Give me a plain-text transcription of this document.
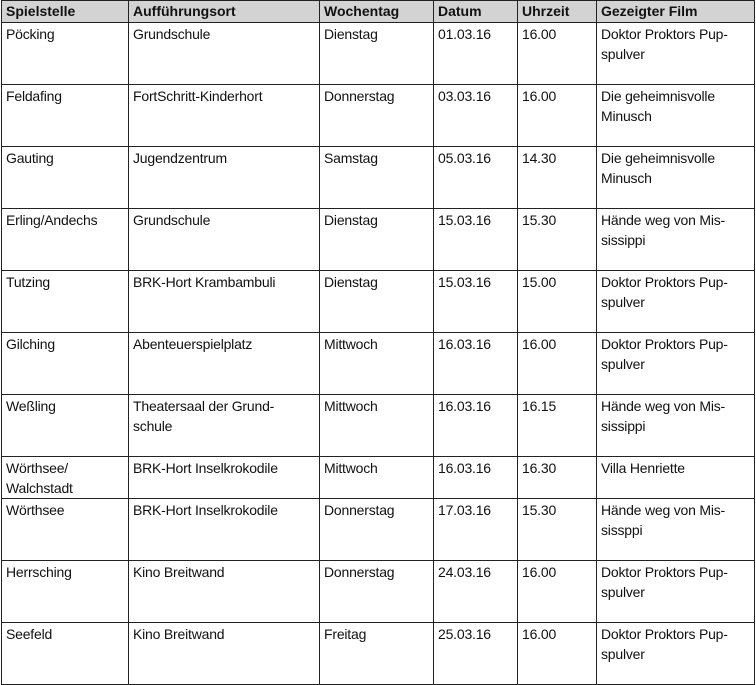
Spielstelle	Aufführungsort	Wochentag	Datum	Uhrzeit	Gezeigter Film

Pöcking	Grundschule	Dienstag	01.03.16	16.00	Doktor Proktors Pup-
spulver

Feldafing	FortSchritt-Kinderhort	Donnerstag	03.03.16	16.00	Die geheimnisvolle
Minusch

Gauting	Jugendzentrum	Samstag	05.03.16	14.30	Die geheimnisvolle
Minusch

Erling/Andechs	Grundschule	Dienstag	15.03.16	15.30	Hände weg von Mis-
sissippi

Tutzing	BRK-Hort Krambambuli	Dienstag	15.03.16	15.00	Doktor Proktors Pup-
spulver

Gilching	Abenteuerspielplatz	Mittwoch	16.03.16	16.00	Doktor Proktors Pup-
spulver

Weßling	Theatersaal der Grund-
schule	Mittwoch	16.03.16	16.15	Hände weg von Mis-
sissippi

Wörthsee/
Walchstadt	BRK-Hort Inselkrokodile	Mittwoch	16.03.16	16.30	Villa Henriette

Wörthsee	BRK-Hort Inselkrokodile	Donnerstag	17.03.16	15.30	Hände weg von Mis-
sissppi

Herrsching	Kino Breitwand	Donnerstag	24.03.16	16.00	Doktor Proktors Pup-
spulver

Seefeld	Kino Breitwand	Freitag	25.03.16	16.00	Doktor Proktors Pup-
spulver
